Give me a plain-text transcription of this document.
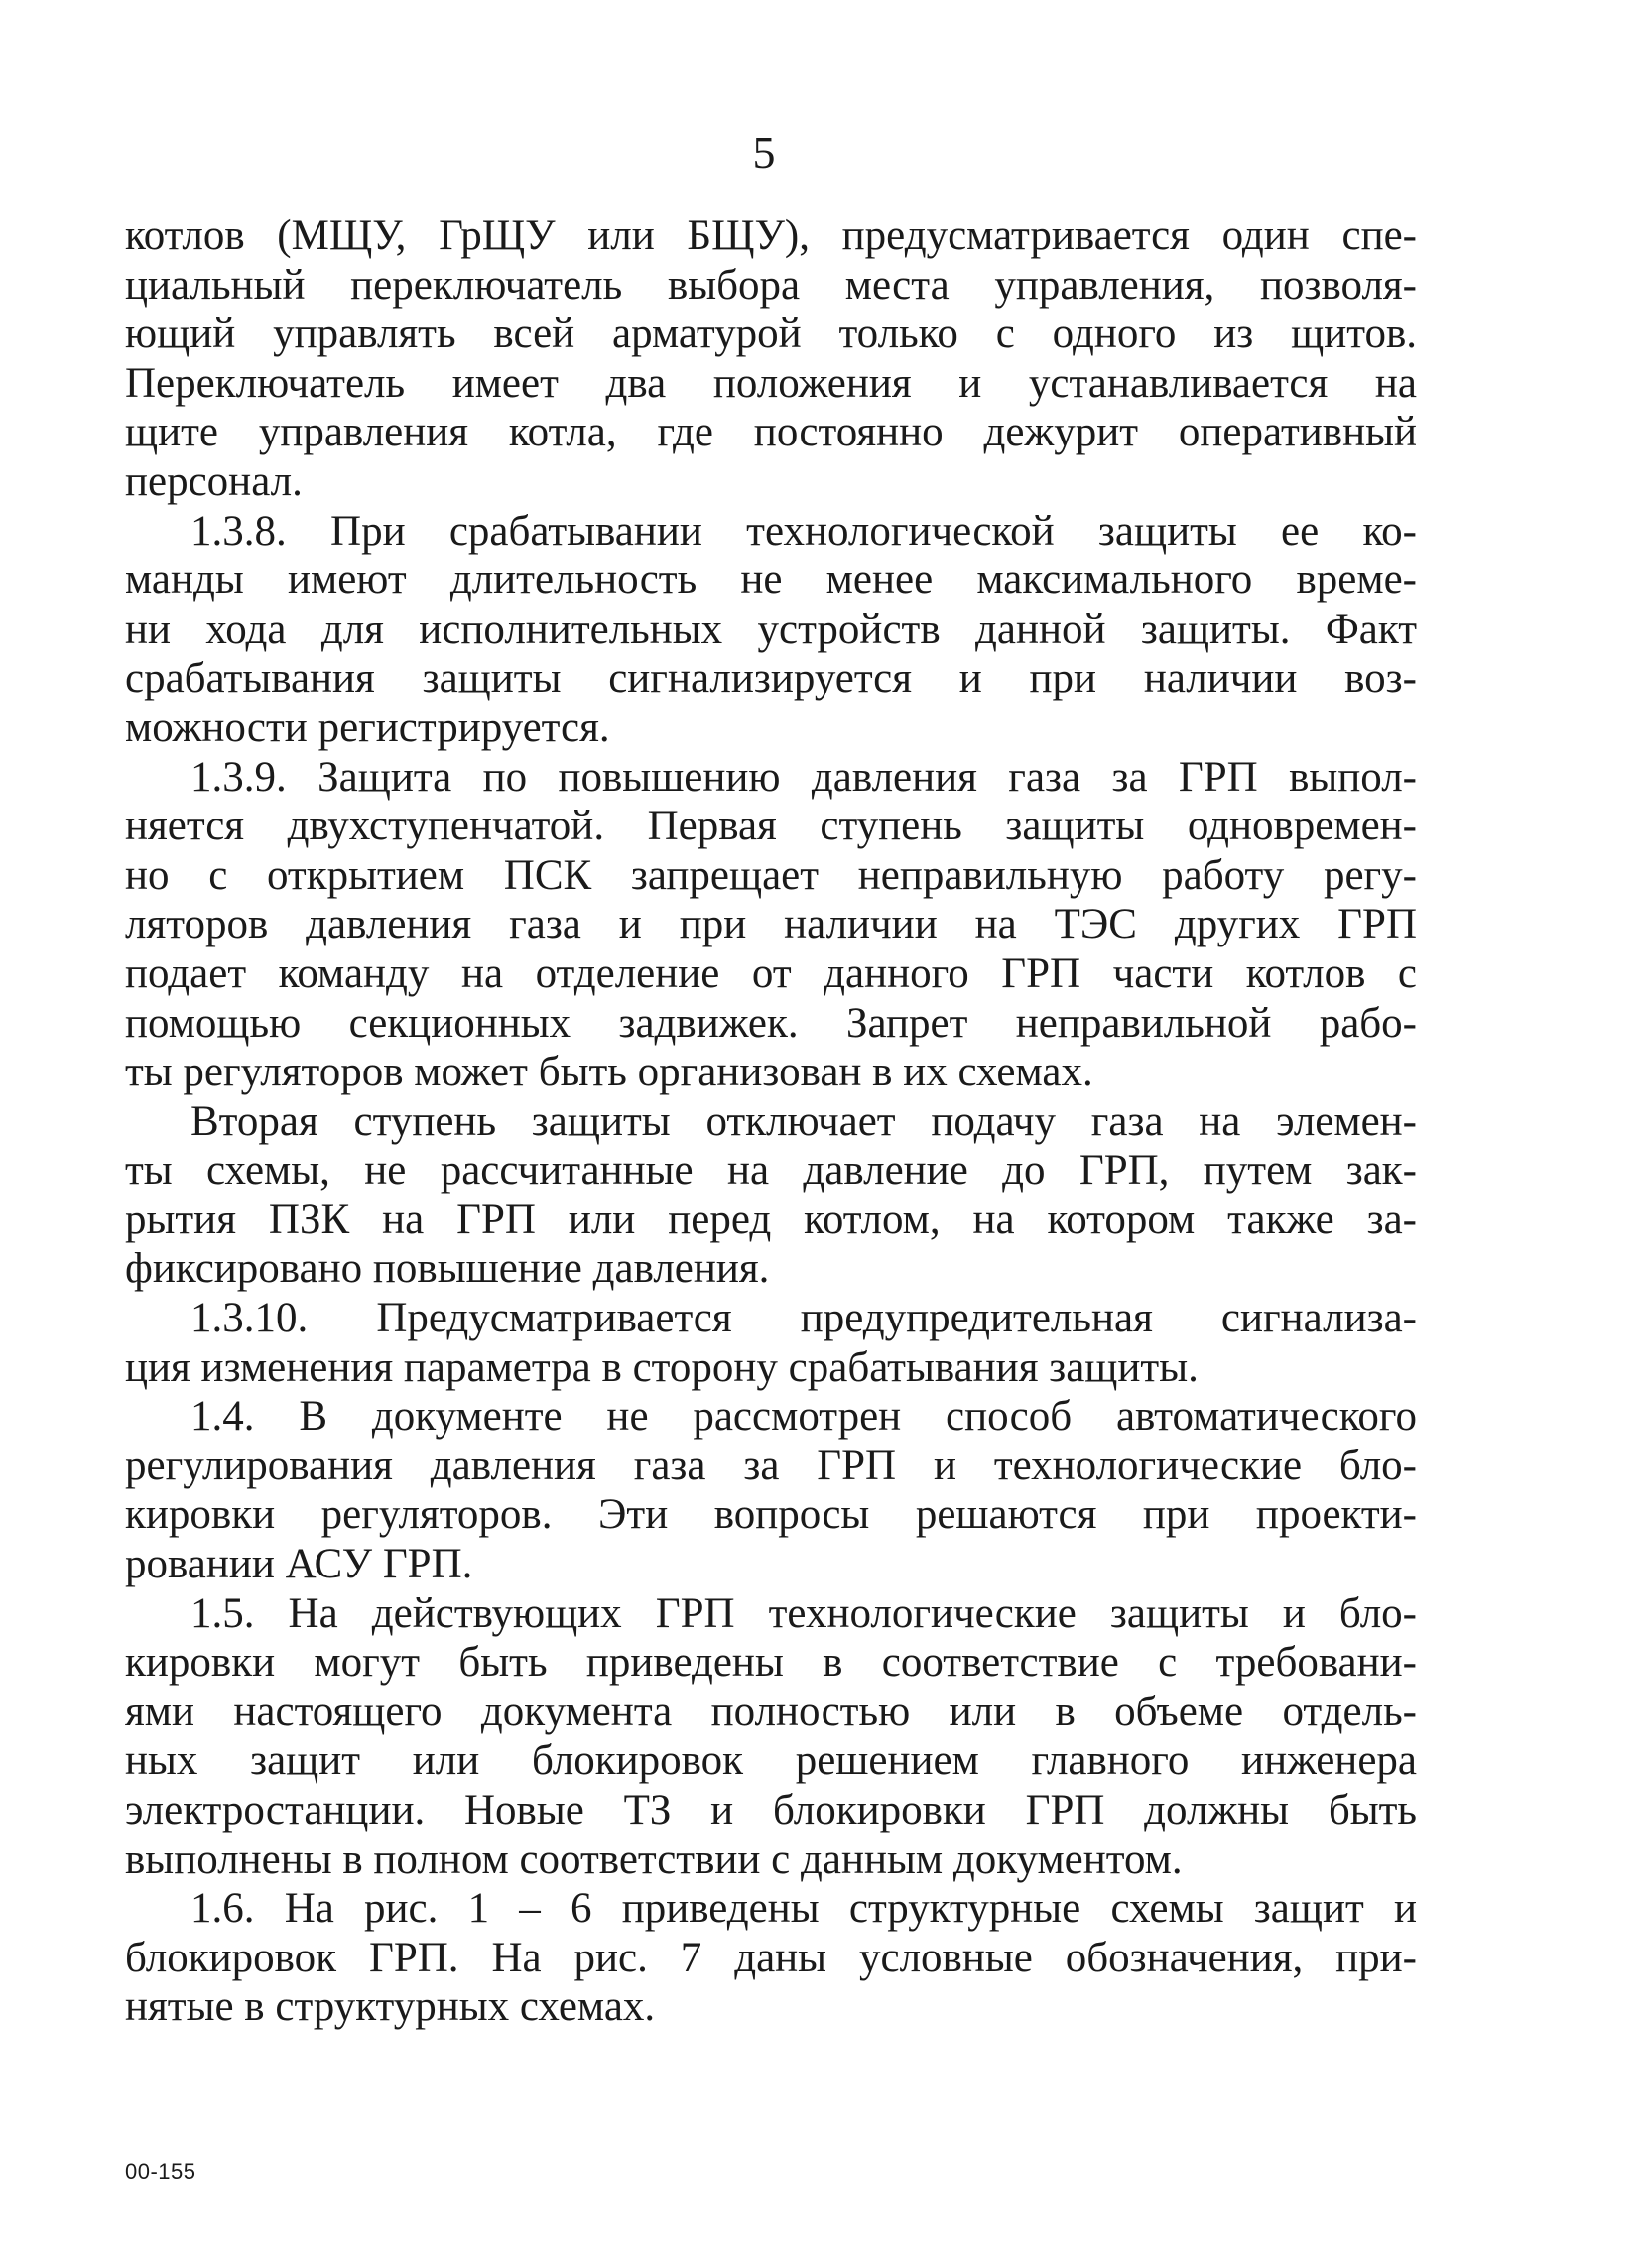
5
котлов (МЩУ, ГрЩУ или БЩУ), предусматривается один спе-
циальный переключатель выбора места управления, позволя-
ющий управлять всей арматурой только с одного из щитов.
Переключатель имеет два положения и устанавливается на
щите управления котла, где постоянно дежурит оперативный
персонал.
1.3.8. При срабатывании технологической защиты ее ко-
манды имеют длительность не менее максимального време-
ни хода для исполнительных устройств данной защиты. Факт
срабатывания защиты сигнализируется и при наличии воз-
можности регистрируется.
1.3.9. Защита по повышению давления газа за ГРП выпол-
няется двухступенчатой. Первая ступень защиты одновремен-
но с открытием ПСК запрещает неправильную работу регу-
ляторов давления газа и при наличии на ТЭС других ГРП
подает команду на отделение от данного ГРП части котлов с
помощью секционных задвижек. Запрет неправильной рабо-
ты регуляторов может быть организован в их схемах.
Вторая ступень защиты отключает подачу газа на элемен-
ты схемы, не рассчитанные на давление до ГРП, путем зак-
рытия ПЗК на ГРП или перед котлом, на котором также за-
фиксировано повышение давления.
1.3.10. Предусматривается предупредительная сигнализа-
ция изменения параметра в сторону срабатывания защиты.
1.4. В документе не рассмотрен способ автоматического
регулирования давления газа за ГРП и технологические бло-
кировки регуляторов. Эти вопросы решаются при проекти-
ровании АСУ ГРП.
1.5. На действующих ГРП технологические защиты и бло-
кировки могут быть приведены в соответствие с требовани-
ями настоящего документа полностью или в объеме отдель-
ных защит или блокировок решением главного инженера
электростанции. Новые ТЗ и блокировки ГРП должны быть
выполнены в полном соответствии с данным документом.
1.6. На рис. 1 – 6 приведены структурные схемы защит и
блокировок ГРП. На рис. 7 даны условные обозначения, при-
нятые в структурных схемах.
00-155
